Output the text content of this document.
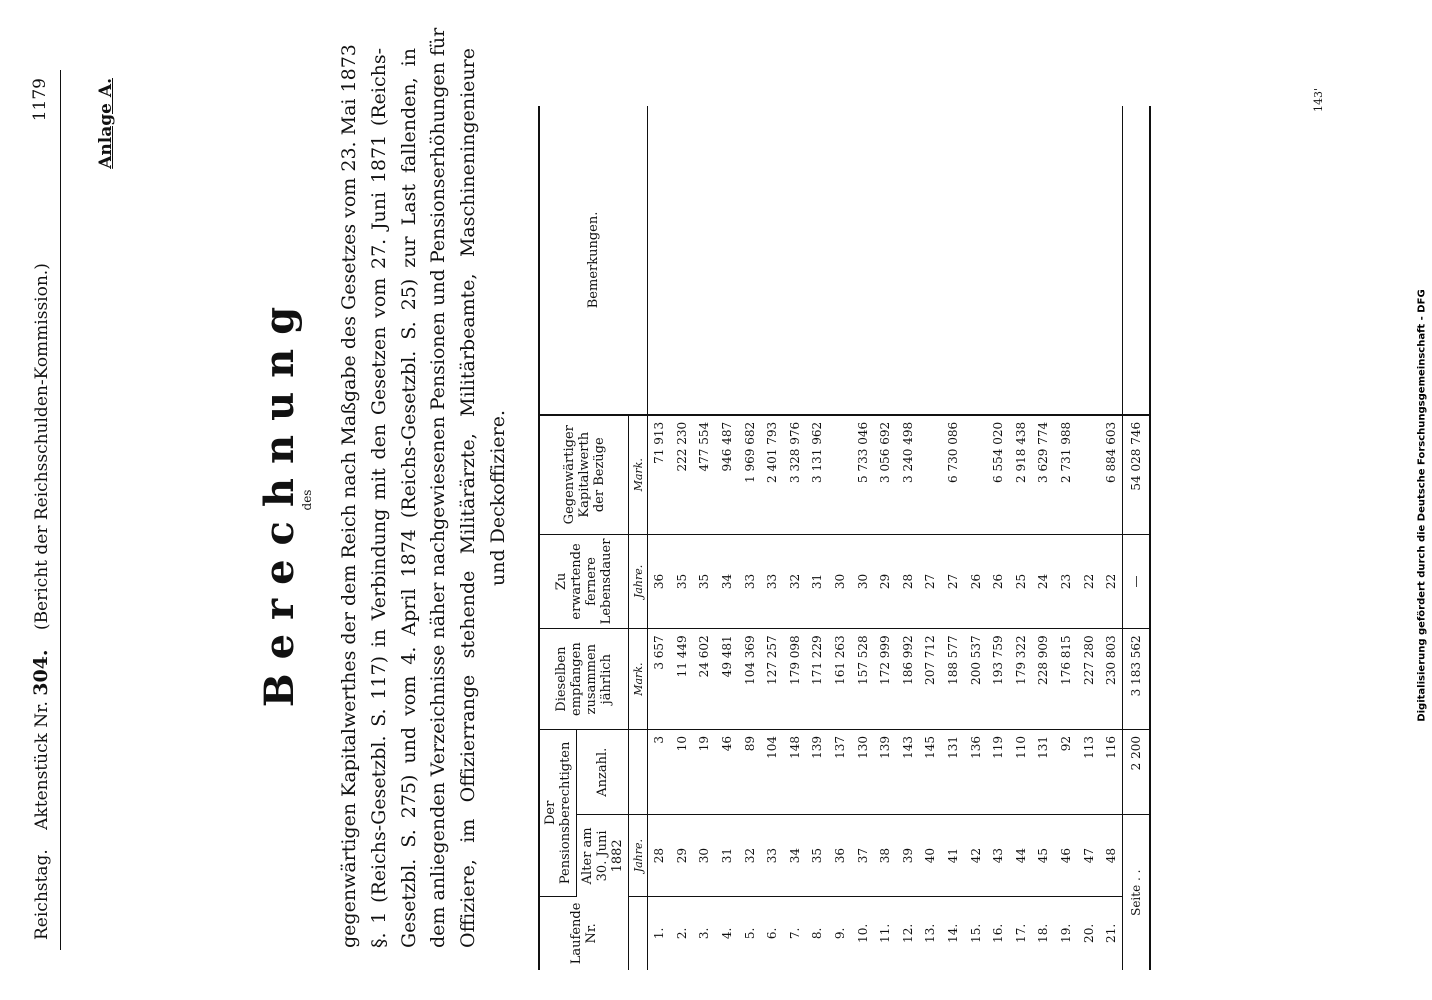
Reichstag. Aktenstück Nr. 304. (Bericht der Reichsschulden-Kommission.)
1179	Anlage A.
Berechnung
des gegenwärtigen Kapitalwerthes der dem Reich nach Maßgabe des Gesetzes vom 23. Mai 1873 §. 1 (Reichs-Gesetzbl. S. 117) in Verbindung mit den Gesetzen vom 27. Juni 1871 (Reichs- Gesetzbl. S. 275) und vom 4. April 1874 (Reichs-Gesetzbl. S. 25) zur Last fallenden, in dem anliegenden Verzeichnisse näher nachgewiesenen Pensionen und Pensionserhöhungen für Offiziere, im Offizierrange stehende Militärärzte, Militärbeamte, Maschineningenieure und Deckoffiziere.
Laufende Nr.	Der Pensionsberechtigten		Dieselben empfangen zusammen jährlich	Zu erwartende fernere Lebensdauer	Gegenwärtiger Kapitalwerth der Bezüge	Bemerkungen.
	Alter am 30. Juni 1882	Anzahl.				
	Jahre.		Mark.	Jahre.	Mark.	
1.	28	3	3 657	36	71 913	
2.	29	10	11 449	35	222 230	
3.	30	19	24 602	35	477 554	
4.	31	46	49 481	34	946 487	
5.	32	89	104 369	33	1 969 682	
6.	33	104	127 257	33	2 401 793	
7.	34	148	179 098	32	3 328 976	
8.	35	139	171 229	31	3 131 962	
9.	36	137	161 263	30		
10.	37	130	157 528	30	5 733 046	
11.	38	139	172 999	29	3 056 692	
12.	39	143	186 992	28	3 240 498	
13.	40	145	207 712	27		
14.	41	131	188 577	27	6 730 086	
15.	42	136	200 537	26		
16.	43	119	193 759	26	6 554 020	
17.	44	110	179 322	25	2 918 438	
18.	45	131	228 909	24	3 629 774	
19.	46	92	176 815	23	2 731 988	
20.	47	113	227 280	22		
21.	48	116	230 803	22	6 884 603	
Seite . .		2 200	3 183 562	—	54 028 746	
143'
Digitalisierung gefördert durch die Deutsche Forschungsgemeinschaft - DFG
